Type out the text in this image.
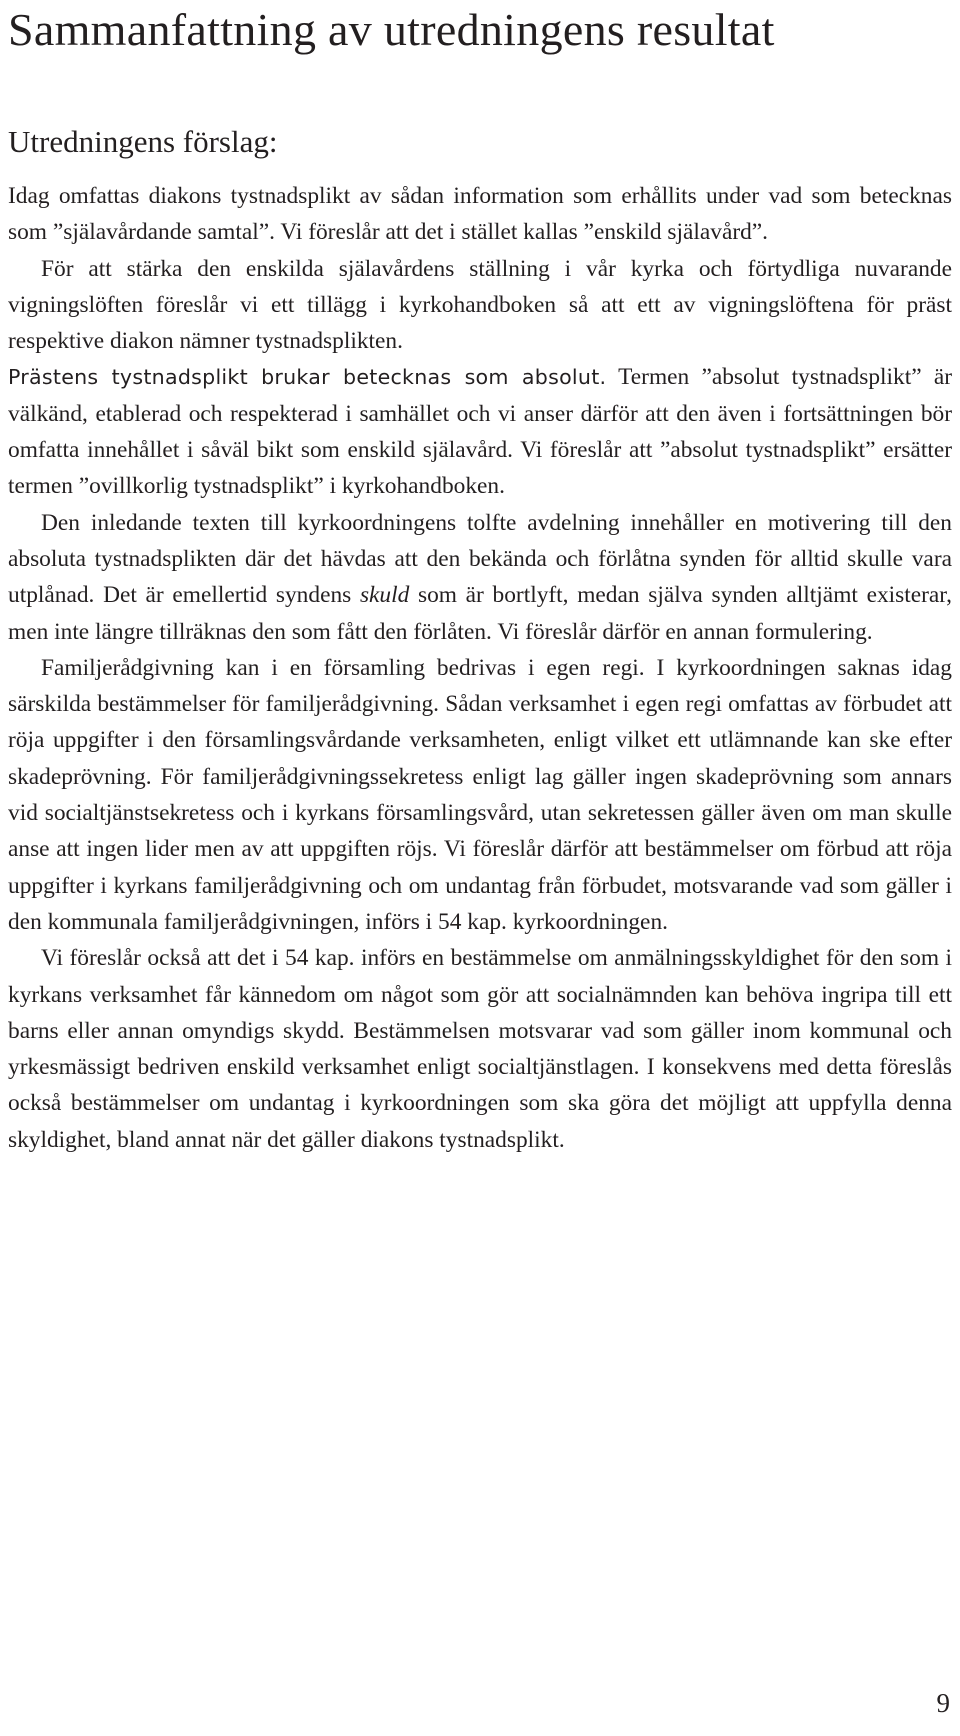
Sammanfattning av utredningens resultat
Utredningens förslag:

Idag omfattas diakons tystnadsplikt av sådan information som erhållits under vad som betecknas som ”själavårdande samtal”. Vi föreslår att det i stället kallas ”enskild själavård”.

För att stärka den enskilda själavårdens ställning i vår kyrka och förtydliga nuvarande vigningslöften föreslår vi ett tillägg i kyrkohandboken så att ett av vigningslöftena för präst respektive diakon nämner tystnadsplikten.

Prästens tystnadsplikt brukar betecknas som absolut. Termen ”absolut tystnadsplikt” är välkänd, etablerad och respekterad i samhället och vi anser därför att den även i fortsättningen bör omfatta innehållet i såväl bikt som enskild själavård. Vi föreslår att ”absolut tystnadsplikt” ersätter termen ”ovillkorlig tystnadsplikt” i kyrkohandboken.

Den inledande texten till kyrkoordningens tolfte avdelning innehåller en motivering till den absoluta tystnadsplikten där det hävdas att den bekända och förlåtna synden för alltid skulle vara utplånad. Det är emellertid syndens skuld som är bortlyft, medan själva synden alltjämt existerar, men inte längre tillräknas den som fått den förlåten. Vi föreslår därför en annan formulering.

Familjerådgivning kan i en församling bedrivas i egen regi. I kyrkoordningen saknas idag särskilda bestämmelser för familjerådgivning. Sådan verksamhet i egen regi omfattas av förbudet att röja uppgifter i den församlingsvårdande verksamheten, enligt vilket ett utlämnande kan ske efter skadeprövning. För familjerådgivningssekretess enligt lag gäller ingen skadeprövning som annars vid socialtjänstsekretess och i kyrkans församlingsvård, utan sekretessen gäller även om man skulle anse att ingen lider men av att uppgiften röjs. Vi föreslår därför att bestämmelser om förbud att röja uppgifter i kyrkans familjerådgivning och om undantag från förbudet, motsvarande vad som gäller i den kommunala familjerådgivningen, införs i 54 kap. kyrkoordningen.

Vi föreslår också att det i 54 kap. införs en bestämmelse om anmälningsskyldighet för den som i kyrkans verksamhet får kännedom om något som gör att socialnämnden kan behöva ingripa till ett barns eller annan omyndigs skydd. Bestämmelsen motsvarar vad som gäller inom kommunal och yrkesmässigt bedriven enskild verksamhet enligt socialtjänstlagen. I konsekvens med detta föreslås också bestämmelser om undantag i kyrkoordningen som ska göra det möjligt att uppfylla denna skyldighet, bland annat när det gäller diakons tystnadsplikt.

9
